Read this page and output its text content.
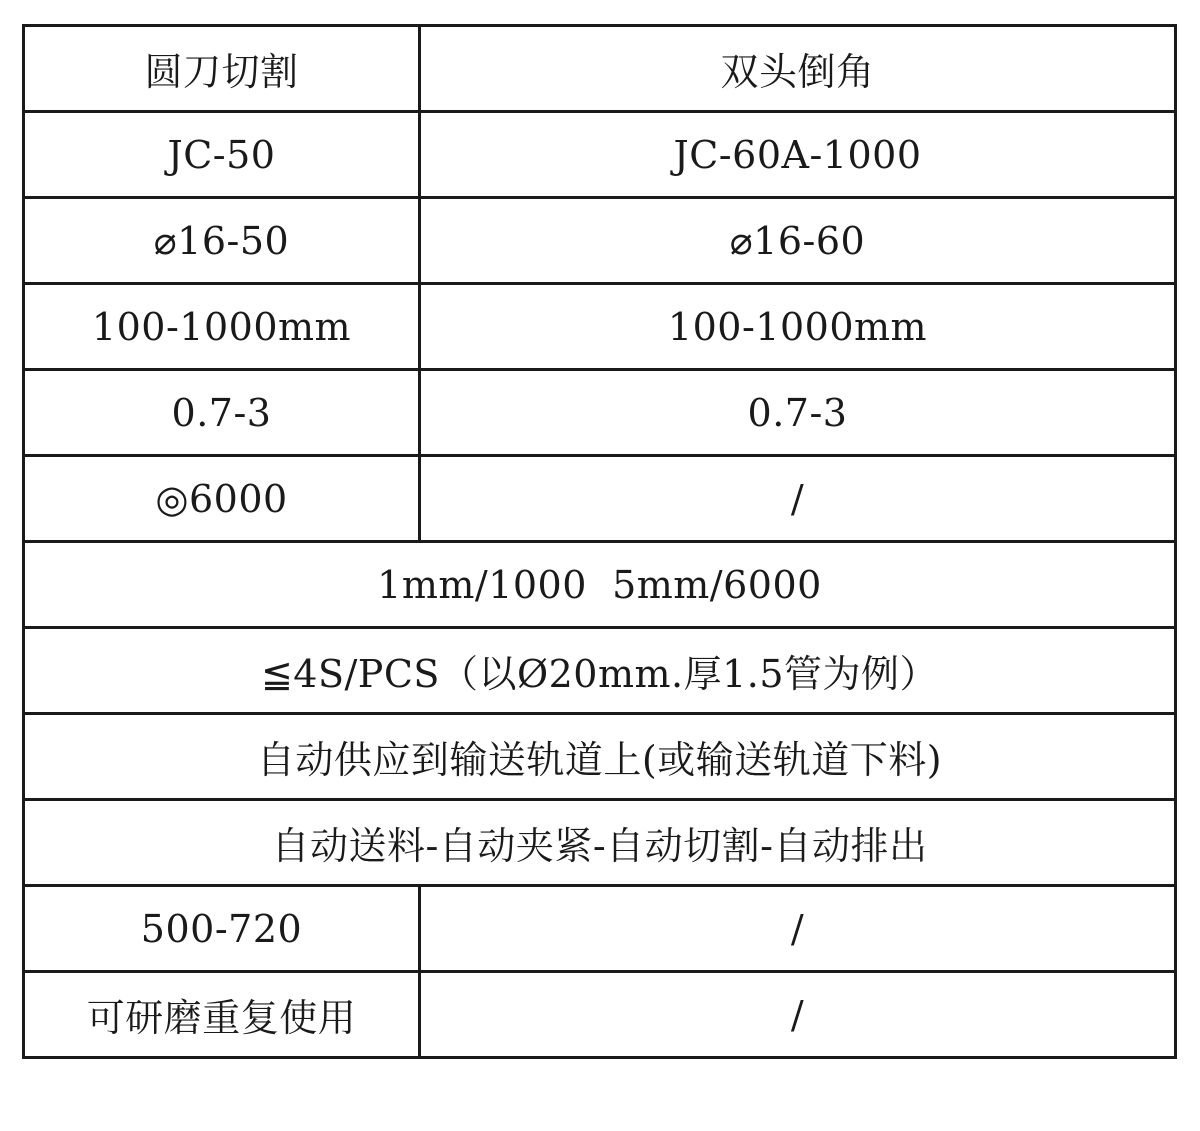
圆刀切割	双头倒角
JC-50	JC-60A-1000
⌀16-50	⌀16-60
100-1000mm	100-1000mm
0.7-3	0.7-3
◎6000	/
1mm/1000  5mm/6000	
≦4S/PCS（以Ø20mm.厚1.5管为例）	
自动供应到输送轨道上(或输送轨道下料)	
自动送料-自动夹紧-自动切割-自动排出	
500-720	/
可研磨重复使用	/
